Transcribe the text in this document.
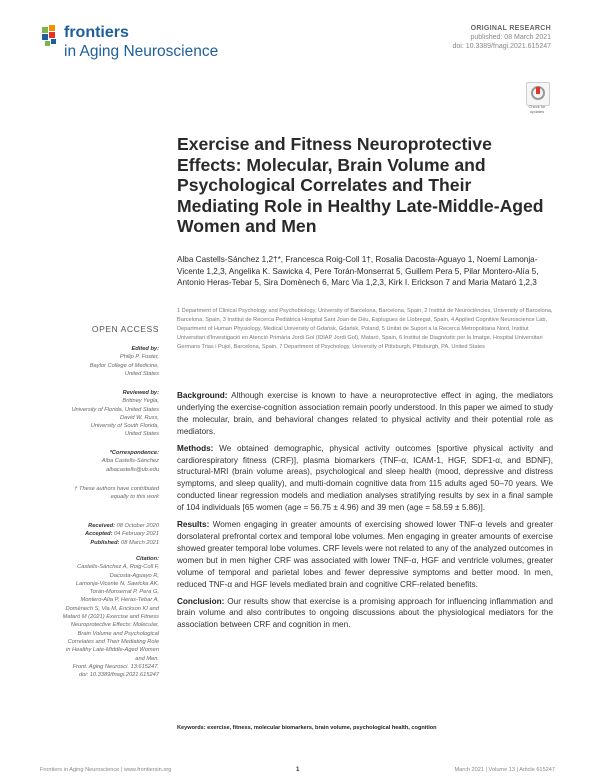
frontiers
in Aging Neuroscience
ORIGINAL RESEARCH
published: 08 March 2021
doi: 10.3389/fnagi.2021.615247
Check for
updates
Exercise and Fitness Neuroprotective Effects: Molecular, Brain Volume and Psychological Correlates and Their Mediating Role in Healthy Late-Middle-Aged Women and Men
Alba Castells-Sánchez 1,2†*, Francesca Roig-Coll 1†, Rosalia Dacosta-Aguayo 1, Noemí Lamonja-Vicente 1,2,3, Angelika K. Sawicka 4, Pere Torán-Monserrat 5, Guillem Pera 5, Pilar Montero-Alía 5, Antonio Heras-Tebar 5, Sira Domènech 6, Marc Via 1,2,3, Kirk I. Erickson 7 and Maria Mataró 1,2,3
1 Department of Clinical Psychology and Psychobiology, University of Barcelona, Barcelona, Spain, 2 Institut de Neurociències, University of Barcelona, Barcelona, Spain, 3 Institut de Recerca Pediàtrica Hospital Sant Joan de Déu, Esplugues de Llobregat, Spain, 4 Applied Cognitive Neuroscience Lab, Department of Human Physiology, Medical University of Gdańsk, Gdańsk, Poland, 5 Unitat de Suport a la Recerca Metropolitana Nord, Institut Universitari d'Investigació en Atenció Primària Jordi Gol (IDIAP Jordi Gol), Mataró, Spain, 6 Institut de Diagnòstic per la Imatge, Hospital Universitari Germans Trias i Pujol, Barcelona, Spain, 7 Department of Psychology, University of Pittsburgh, Pittsburgh, PA, United States

Background: Although exercise is known to have a neuroprotective effect in aging, the mediators underlying the exercise-cognition association remain poorly understood. In this paper we aimed to study the molecular, brain, and behavioral changes related to physical activity and their potential role as mediators.

Methods: We obtained demographic, physical activity outcomes [sportive physical activity and cardiorespiratory fitness (CRF)], plasma biomarkers (TNF-α, ICAM-1, HGF, SDF1-α, and BDNF), structural-MRI (brain volume areas), psychological and sleep health (mood, depressive and distress symptoms, and sleep quality), and multi-domain cognitive data from 115 adults aged 50–70 years. We conducted linear regression models and mediation analyses stratifying results by sex in a final sample of 104 individuals [65 women (age = 56.75 ± 4.96) and 39 men (age = 58.59 ± 5.86)].

Results: Women engaging in greater amounts of exercising showed lower TNF-α levels and greater dorsolateral prefrontal cortex and temporal lobe volumes. Men engaging in greater amounts of exercise showed greater temporal lobe volumes. CRF levels were not related to any of the analyzed outcomes in women but in men higher CRF was associated with lower TNF-α, HGF and ventricle volumes, greater volume of temporal and parietal lobes and fewer depressive symptoms and better mood. In men, reduced TNF-α and HGF levels mediated brain and cognitive CRF-related benefits.

Conclusion: Our results show that exercise is a promising approach for influencing inflammation and brain volume and also contributes to ongoing discussions about the physiological mediators for the association between CRF and cognition in men.

Keywords: exercise, fitness, molecular biomarkers, brain volume, psychological health, cognition
OPEN ACCESS
Edited by:
Philip P. Foster,
Baylor College of Medicine,
United States
Reviewed by:
Brittney Yegla,
University of Florida, United States
David W. Russ,
University of South Florida,
United States
*Correspondence:
Alba Castells-Sánchez
albacastells@ub.edu
† These authors have contributed
equally to this work
Received: 08 October 2020
Accepted: 04 February 2021
Published: 08 March 2021
Citation:
Castells-Sánchez A, Roig-Coll F,
Dacosta-Aguayo R,
Lamonja-Vicente N, Sawicka AK,
Torán-Monserrat P, Pera G,
Montero-Alía P, Heras-Tebar A,
Domènech S, Via M, Erickson KI and
Mataró M (2021) Exercise and Fitness
Neuroprotective Effects: Molecular,
Brain Volume and Psychological
Correlates and Their Mediating Role
in Healthy Late-Middle-Aged Women
and Men.
Front. Aging Neurosci. 13:615247.
doi: 10.3389/fnagi.2021.615247
Frontiers in Aging Neuroscience | www.frontiersin.org	1	March 2021 | Volume 13 | Article 615247
